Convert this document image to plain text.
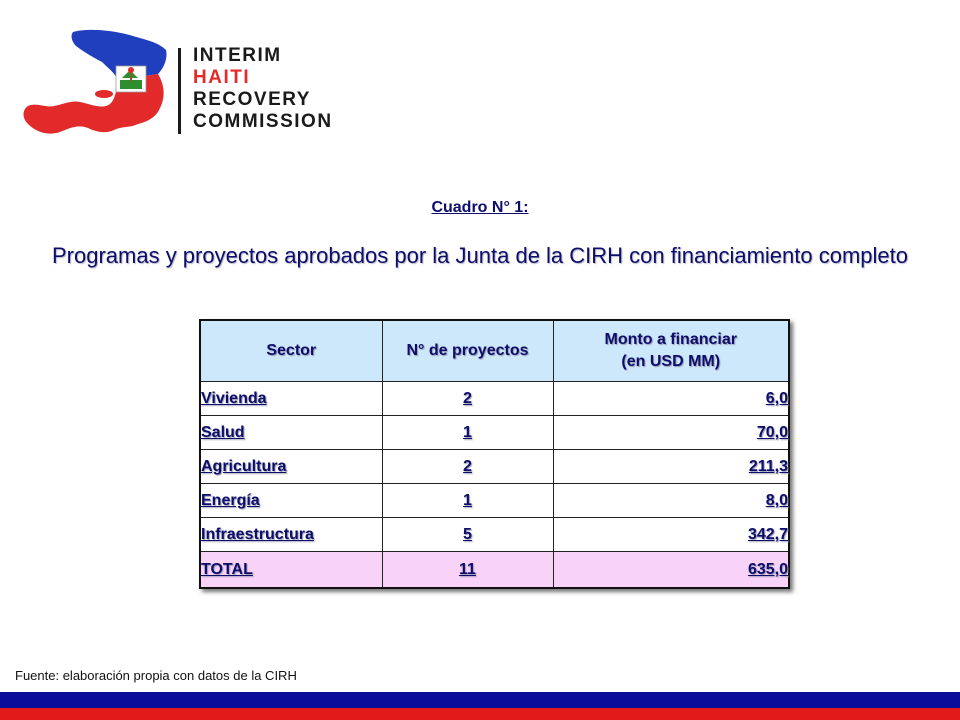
INTERIM
HAITI
RECOVERY
COMMISSION
Cuadro N° 1:
Programas y proyectos aprobados por la Junta de la CIRH con financiamiento completo
Sector	N° de proyectos	Monto a financiar
(en USD MM)

Vivienda	2	6,0
Salud	1	70,0
Agricultura	2	211,3
Energía	1	8,0
Infraestructura	5	342,7
TOTAL	11	635,0
Fuente: elaboración propia con datos de la CIRH
